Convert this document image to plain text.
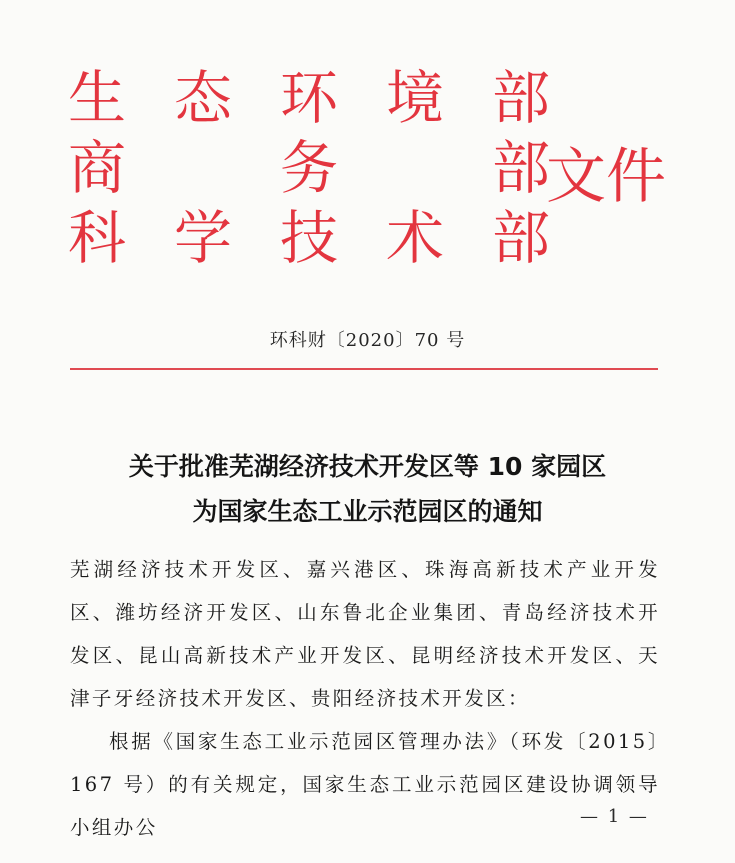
生 态 环 境 部
商	务	部
科 学 技 术 部
文件
环科财〔2020〕70 号
关于批准芜湖经济技术开发区等 10 家园区
为国家生态工业示范园区的通知
芜湖经济技术开发区、嘉兴港区、珠海高新技术产业开发区、潍坊经济开发区、山东鲁北企业集团、青岛经济技术开发区、昆山高新技术产业开发区、昆明经济技术开发区、天津子牙经济技术开发区、贵阳经济技术开发区：
根据《国家生态工业示范园区管理办法》（环发〔2015〕167 号）的有关规定，国家生态工业示范园区建设协调领导小组办公	— 1 —
